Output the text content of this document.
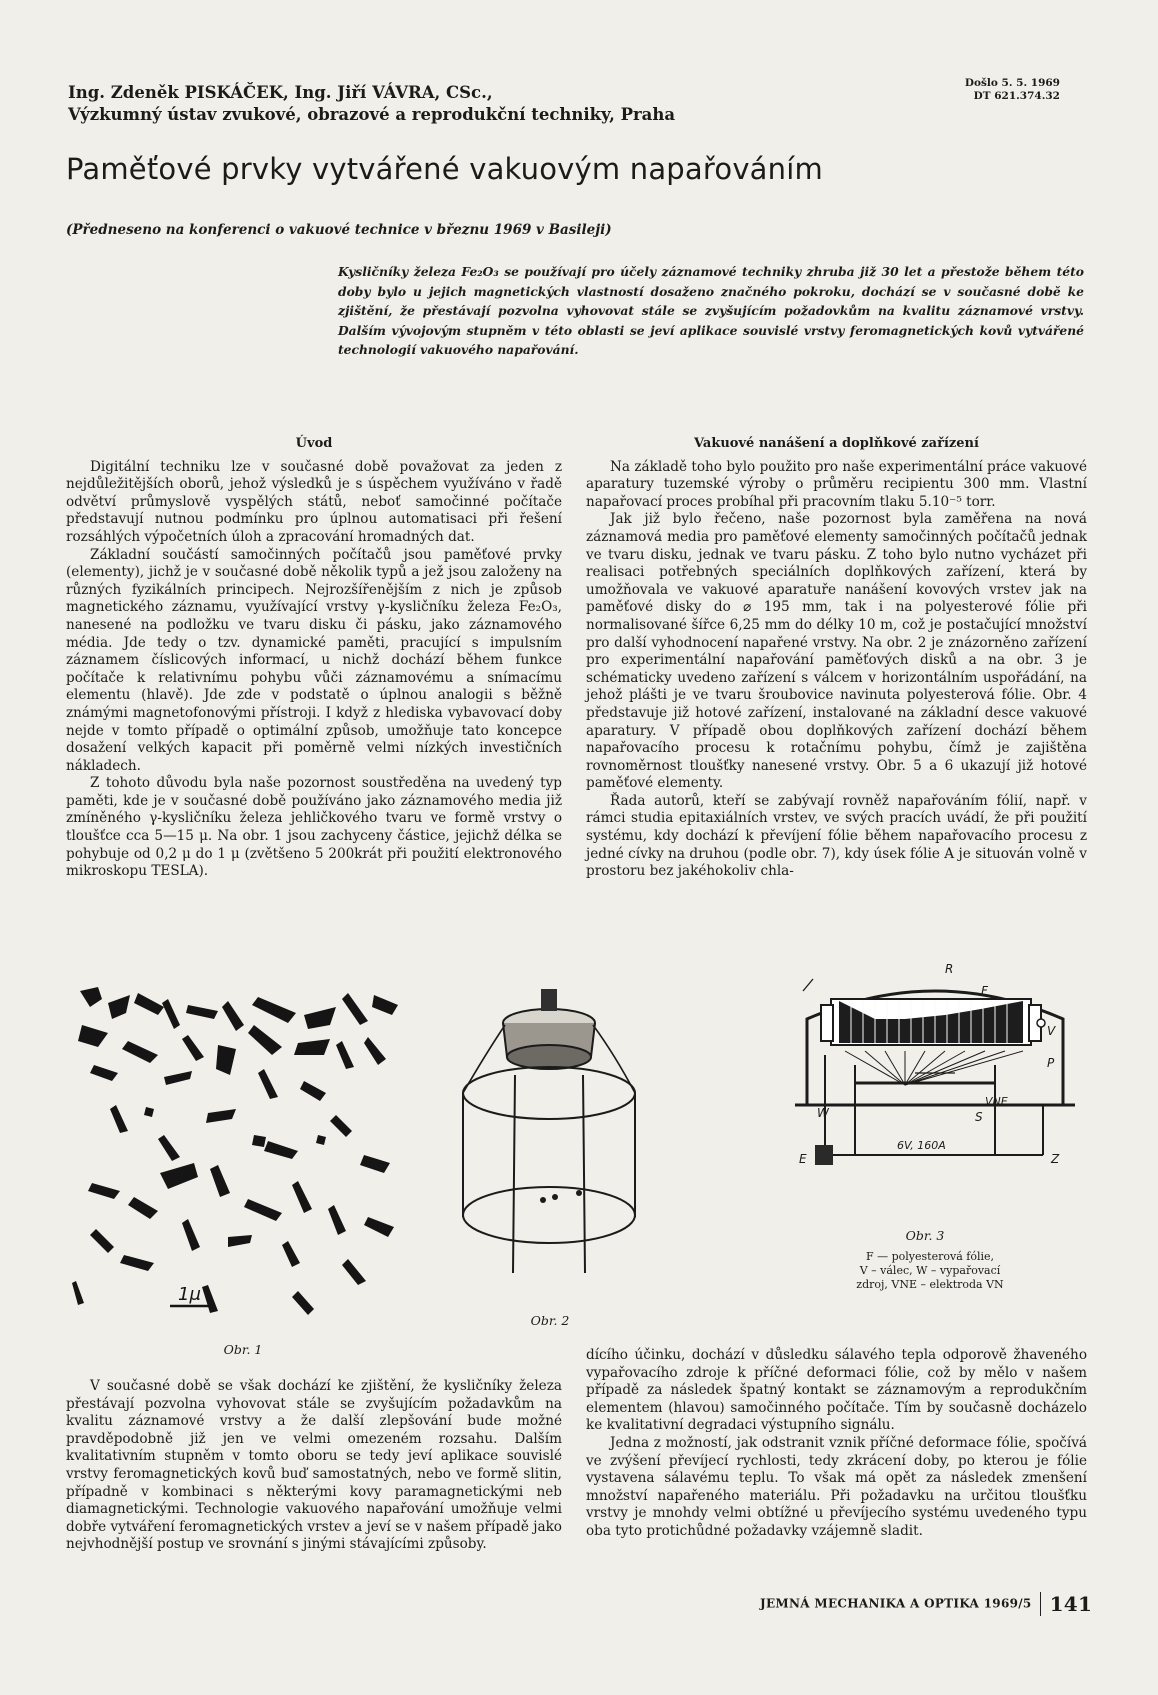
Ing. Zdeněk PISKÁČEK, Ing. Jiří VÁVRA, CSc.,
Výzkumný ústav zvukové, obrazové a reprodukční techniky, Praha
Došlo 5. 5. 1969
DT 621.374.32
Paměťové prvky vytvářené vakuovým napařováním
(Předneseno na konferenci o vakuové technice v březnu 1969 v Basileji)
Kysličníky železa Fe₂O₃ se používají pro účely záznamové techniky zhruba již 30 let a přestože během této doby bylo u jejich magnetických vlastností dosaženo značného pokroku, dochází se v současné době ke zjištění, že přestávají pozvolna vyhovovat stále se zvyšujícím požadovkům na kvalitu záznamové vrstvy. Dalším vývojovým stupněm v této oblasti se jeví aplikace souvislé vrstvy feromagnetických kovů vytvářené technologií vakuového napařování.

Úvod

Digitální techniku lze v současné době považovat za jeden z nejdůležitějších oborů, jehož výsledků je s úspěchem využíváno v řadě odvětví průmyslově vyspělých států, neboť samočinné počítače představují nutnou podmínku pro úplnou automatisaci při řešení rozsáhlých výpočetních úloh a zpracování hromadných dat.

Základní součástí samočinných počítačů jsou paměťové prvky (elementy), jichž je v současné době několik typů a jež jsou založeny na různých fyzikálních principech. Nejrozšířenějším z nich je způsob magnetického záznamu, využívající vrstvy γ-kysličníku železa Fe₂O₃, nanesené na podložku ve tvaru disku či pásku, jako záznamového média. Jde tedy o tzv. dynamické paměti, pracující s impulsním záznamem číslicových informací, u nichž dochází během funkce počítače k relativnímu pohybu vůči záznamovému a snímacímu elementu (hlavě). Jde zde v podstatě o úplnou analogii s běžně známými magnetofonovými přístroji. I když z hlediska vybavovací doby nejde v tomto případě o optimální způsob, umožňuje tato koncepce dosažení velkých kapacit při poměrně velmi nízkých investičních nákladech.

Z tohoto důvodu byla naše pozornost soustředěna na uvedený typ paměti, kde je v současné době používáno jako záznamového media již zmíněného γ-kysličníku železa jehličkového tvaru ve formě vrstvy o tloušťce cca 5—15 μ. Na obr. 1 jsou zachyceny částice, jejichž délka se pohybuje od 0,2 μ do 1 μ (zvětšeno 5 200krát při použití elektronového mikroskopu TESLA).

Vakuové nanášení a doplňkové zařízení

Na základě toho bylo použito pro naše experimentální práce vakuové aparatury tuzemské výroby o průměru recipientu 300 mm. Vlastní napařovací proces probíhal při pracovním tlaku 5.10⁻⁵ torr.

Jak již bylo řečeno, naše pozornost byla zaměřena na nová záznamová media pro paměťové elementy samočinných počítačů jednak ve tvaru disku, jednak ve tvaru pásku. Z toho bylo nutno vycházet při realisaci potřebných speciálních doplňkových zařízení, která by umožňovala ve vakuové aparatuře nanášení kovových vrstev jak na paměťové disky do ⌀ 195 mm, tak i na polyesterové fólie při normalisované šířce 6,25 mm do délky 10 m, což je postačující množství pro další vyhodnocení napařené vrstvy. Na obr. 2 je znázorněno zařízení pro experimentální napařování paměťových disků a na obr. 3 je schématicky uvedeno zařízení s válcem v horizontálním uspořádání, na jehož plášti je ve tvaru šroubovice navinuta polyesterová fólie. Obr. 4 představuje již hotové zařízení, instalované na základní desce vakuové aparatury. V případě obou doplňkových zařízení dochází během napařovacího procesu k rotačnímu pohybu, čímž je zajištěna rovnoměrnost tloušťky nanesené vrstvy. Obr. 5 a 6 ukazují již hotové paměťové elementy.

Řada autorů, kteří se zabývají rovněž napařováním fólií, např. v rámci studia epitaxiálních vrstev, ve svých pracích uvádí, že při použití systému, kdy dochází k převíjení fólie během napařovacího procesu z jedné cívky na druhou (podle obr. 7), kdy úsek fólie A je situován volně v prostoru bez jakéhokoliv chla-

1μ
Obr. 1
Obr. 2
R
F
V
P
VNE
S
W
E	Z
6V, 160A
Obr. 3
F — polyesterová fólie,
V – válec, W – vypařovací
zdroj, VNE – elektroda VN

V současné době se však dochází ke zjištění, že kysličníky železa přestávají pozvolna vyhovovat stále se zvyšujícím požadavkům na kvalitu záznamové vrstvy a že další zlepšování bude možné pravděpodobně již jen ve velmi omezeném rozsahu. Dalším kvalitativním stupněm v tomto oboru se tedy jeví aplikace souvislé vrstvy feromagnetických kovů buď samostatných, nebo ve formě slitin, případně v kombinaci s některými kovy paramagnetickými neb diamagnetickými. Technologie vakuového napařování umožňuje velmi dobře vytváření feromagnetických vrstev a jeví se v našem případě jako nejvhodnější postup ve srovnání s jinými stávajícími způsoby.

dícího účinku, dochází v důsledku sálavého tepla odporově žhaveného vypařovacího zdroje k příčné deformaci fólie, což by mělo v našem případě za následek špatný kontakt se záznamovým a reprodukčním elementem (hlavou) samočinného počítače. Tím by současně docházelo ke kvalitativní degradaci výstupního signálu.

Jedna z možností, jak odstranit vznik příčné deformace fólie, spočívá ve zvýšení převíjecí rychlosti, tedy zkrácení doby, po kterou je fólie vystavena sálavému teplu. To však má opět za následek zmenšení množství napařeného materiálu. Při požadavku na určitou tloušťku vrstvy je mnohdy velmi obtížné u převíjecího systému uvedeného typu oba tyto protichůdné požadavky vzájemně sladit.

JEMNÁ MECHANIKA A OPTIKA 1969/5 141
